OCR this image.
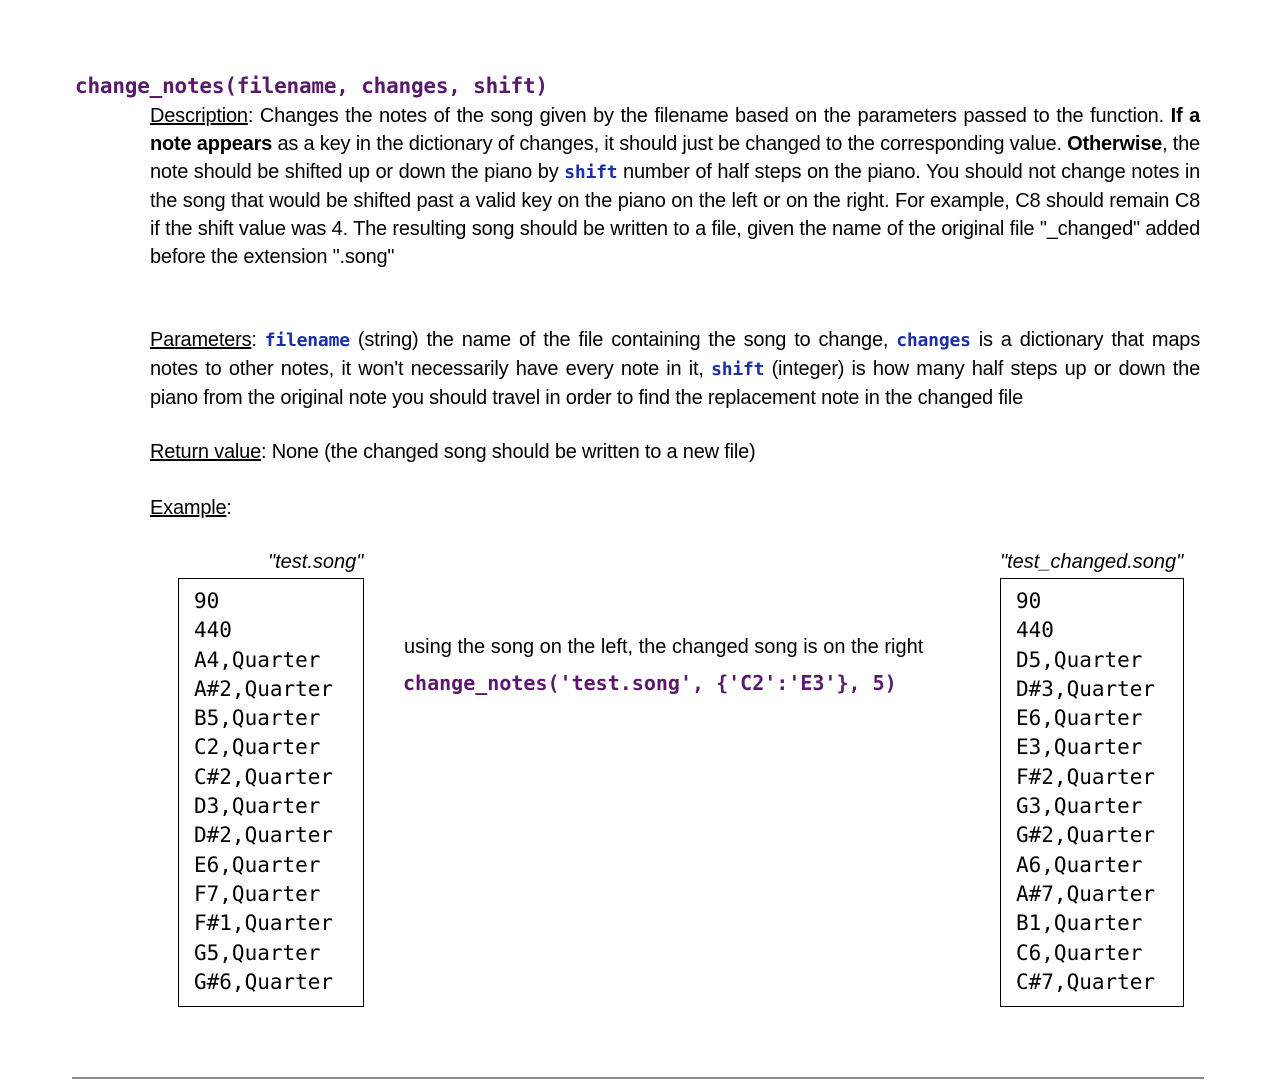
change_notes(filename, changes, shift)
Description: Changes the notes of the song given by the filename based on the parameters passed to the function. If a note appears as a key in the dictionary of changes, it should just be changed to the corresponding value. Otherwise, the note should be shifted up or down the piano by shift number of half steps on the piano. You should not change notes in the song that would be shifted past a valid key on the piano on the left or on the right. For example, C8 should remain C8 if the shift value was 4. The resulting song should be written to a file, given the name of the original file "_changed" added before the extension ".song"
Parameters: filename (string) the name of the file containing the song to change, changes is a dictionary that maps notes to other notes, it won't necessarily have every note in it, shift (integer) is how many half steps up or down the piano from the original note you should travel in order to find the replacement note in the changed file
Return value: None (the changed song should be written to a new file)
Example:
"test.song"	"test_changed.song"
90
440
A4,Quarter
A#2,Quarter
B5,Quarter
C2,Quarter
C#2,Quarter
D3,Quarter
D#2,Quarter
E6,Quarter
F7,Quarter
F#1,Quarter
G5,Quarter
G#6,Quarter
using the song on the left, the changed song is on the right
change_notes('test.song', {'C2':'E3'}, 5)
90
440
D5,Quarter
D#3,Quarter
E6,Quarter
E3,Quarter
F#2,Quarter
G3,Quarter
G#2,Quarter
A6,Quarter
A#7,Quarter
B1,Quarter
C6,Quarter
C#7,Quarter
